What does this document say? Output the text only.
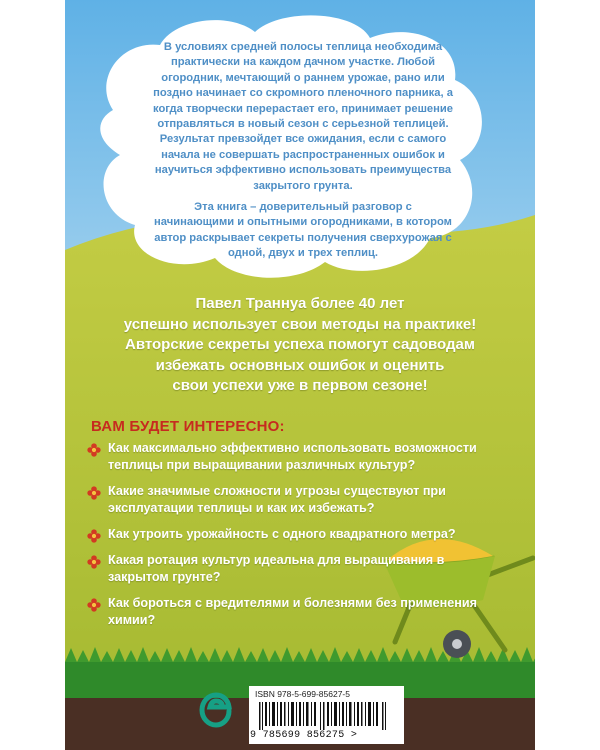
В условиях средней полосы теплица необходима практически на каждом дачном участке. Любой огородник, мечтающий о раннем урожае, рано или поздно начинает со скромного пленочного парника, а когда творчески перерастает его, принимает решение отправляться в новый сезон с серьезной теплицей. Результат превзойдет все ожидания, если с самого начала не совершать распространенных ошибок и научиться эффективно использовать преимущества закрытого грунта.

Эта книга – доверительный разговор с начинающими и опытными огородниками, в котором автор раскрывает секреты получения сверхурожая с одной, двух и трех теплиц.

Павел Траннуа более 40 лет

успешно использует свои методы на практике!

Авторские секреты успеха помогут садоводам

избежать основных ошибок и оценить

свои успехи уже в первом сезоне!

ВАМ БУДЕТ ИНТЕРЕСНО:
Как максимально эффективно использовать возможности теплицы при выращивании различных культур?
Какие значимые сложности и угрозы существуют при эксплуатации теплицы и как их избежать?
Как утроить урожайность с одного квадратного метра?
Какая ротация культур идеальна для выращивания в закрытом грунте?
Как бороться с вредителями и болезнями без применения химии?
ISBN 978-5-699-85627-5
9 785699 856275 >
